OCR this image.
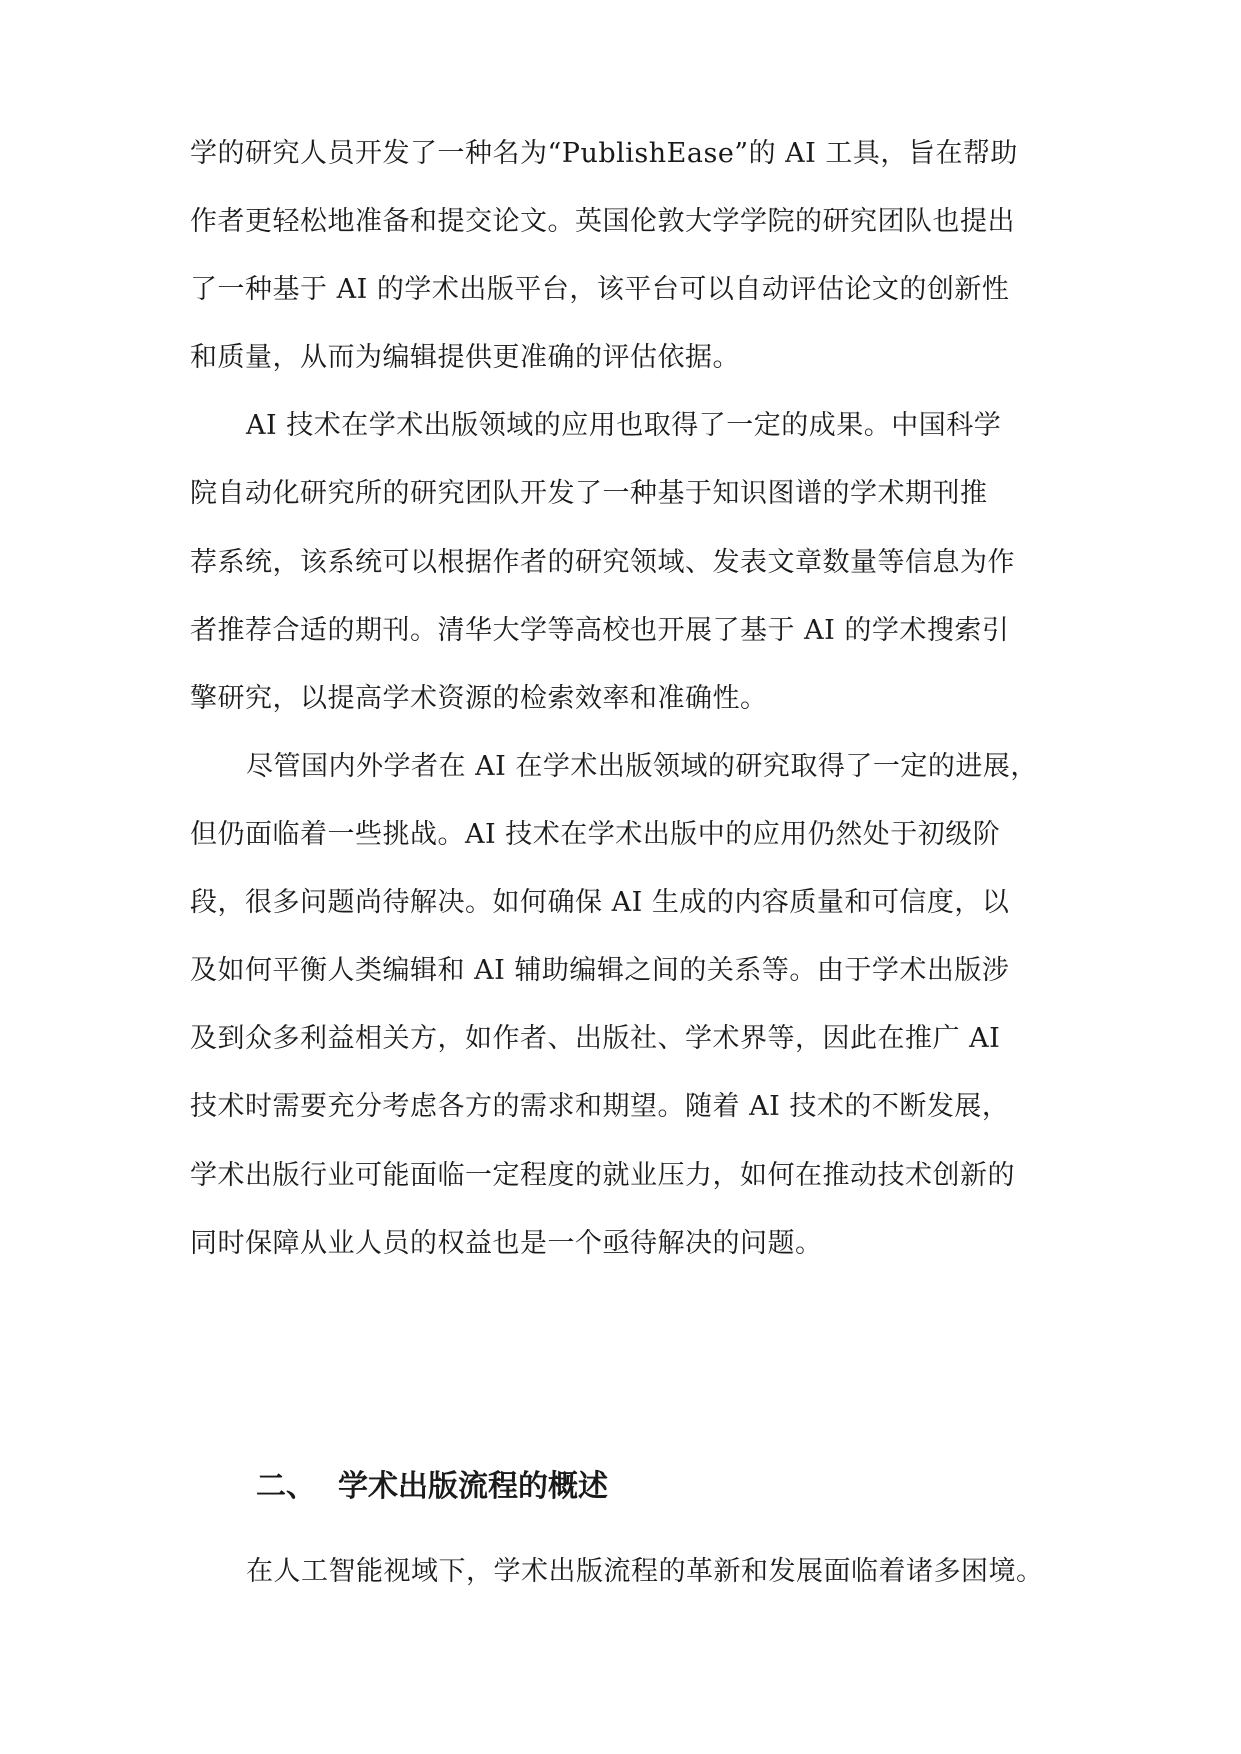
学的研究人员开发了一种名为“PublishEase”的 AI 工具，旨在帮助
作者更轻松地准备和提交论文。英国伦敦大学学院的研究团队也提出
了一种基于 AI 的学术出版平台，该平台可以自动评估论文的创新性
和质量，从而为编辑提供更准确的评估依据。
AI 技术在学术出版领域的应用也取得了一定的成果。中国科学
院自动化研究所的研究团队开发了一种基于知识图谱的学术期刊推
荐系统，该系统可以根据作者的研究领域、发表文章数量等信息为作
者推荐合适的期刊。清华大学等高校也开展了基于 AI 的学术搜索引
擎研究，以提高学术资源的检索效率和准确性。
尽管国内外学者在 AI 在学术出版领域的研究取得了一定的进展，
但仍面临着一些挑战。AI 技术在学术出版中的应用仍然处于初级阶
段，很多问题尚待解决。如何确保 AI 生成的内容质量和可信度，以
及如何平衡人类编辑和 AI 辅助编辑之间的关系等。由于学术出版涉
及到众多利益相关方，如作者、出版社、学术界等，因此在推广 AI
技术时需要充分考虑各方的需求和期望。随着 AI 技术的不断发展，
学术出版行业可能面临一定程度的就业压力，如何在推动技术创新的
同时保障从业人员的权益也是一个亟待解决的问题。
二、 学术出版流程的概述
在人工智能视域下，学术出版流程的革新和发展面临着诸多困境。
